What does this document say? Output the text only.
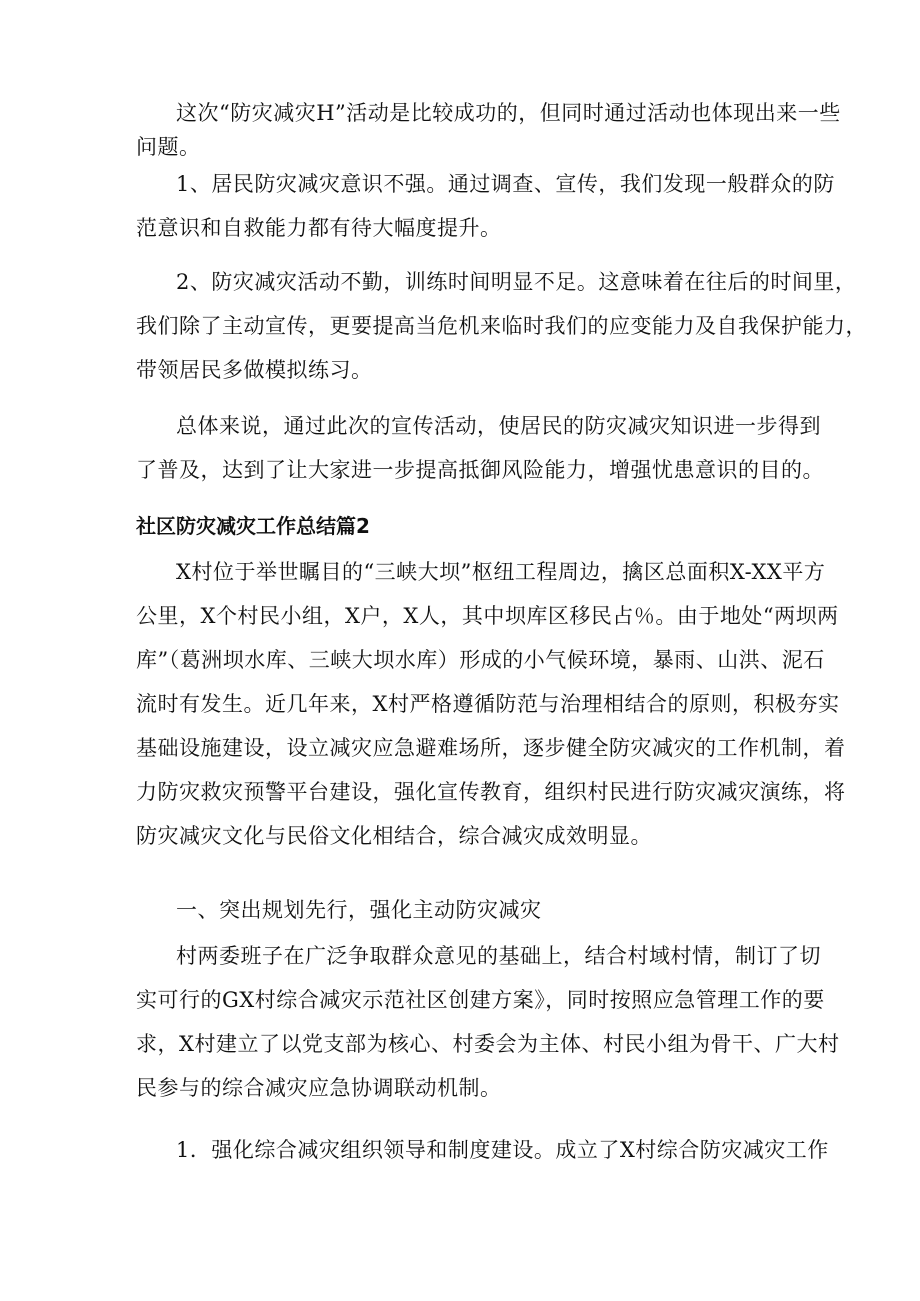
这次“防灾减灾H”活动是比较成功的，但同时通过活动也体现出来一些
问题。
1、居民防灾减灾意识不强。通过调查、宣传，我们发现一般群众的防
范意识和自救能力都有待大幅度提升。
2、防灾减灾活动不勤，训练时间明显不足。这意味着在往后的时间里，
我们除了主动宣传，更要提高当危机来临时我们的应变能力及自我保护能力，
带领居民多做模拟练习。
总体来说，通过此次的宣传活动，使居民的防灾减灾知识进一步得到
了普及，达到了让大家进一步提高抵御风险能力，增强忧患意识的目的。
社区防灾减灾工作总结篇2
X村位于举世瞩目的“三峡大坝”枢纽工程周边，擒区总面积X-XX平方
公里，X个村民小组，X户，X人，其中坝库区移民占％。由于地处“两坝两
库”（葛洲坝水库、三峡大坝水库）形成的小气候环境，暴雨、山洪、泥石
流时有发生。近几年来，X村严格遵循防范与治理相结合的原则，积极夯实
基础设施建设，设立减灾应急避难场所，逐步健全防灾减灾的工作机制，着
力防灾救灾预警平台建设，强化宣传教育，组织村民进行防灾减灾演练，将
防灾减灾文化与民俗文化相结合，综合减灾成效明显。
一、突出规划先行，强化主动防灾减灾
村两委班子在广泛争取群众意见的基础上，结合村域村情，制订了切
实可行的GX村综合减灾示范社区创建方案》，同时按照应急管理工作的要
求，X村建立了以党支部为核心、村委会为主体、村民小组为骨干、广大村
民参与的综合减灾应急协调联动机制。
1．强化综合减灾组织领导和制度建设。成立了X村综合防灾减灾工作
